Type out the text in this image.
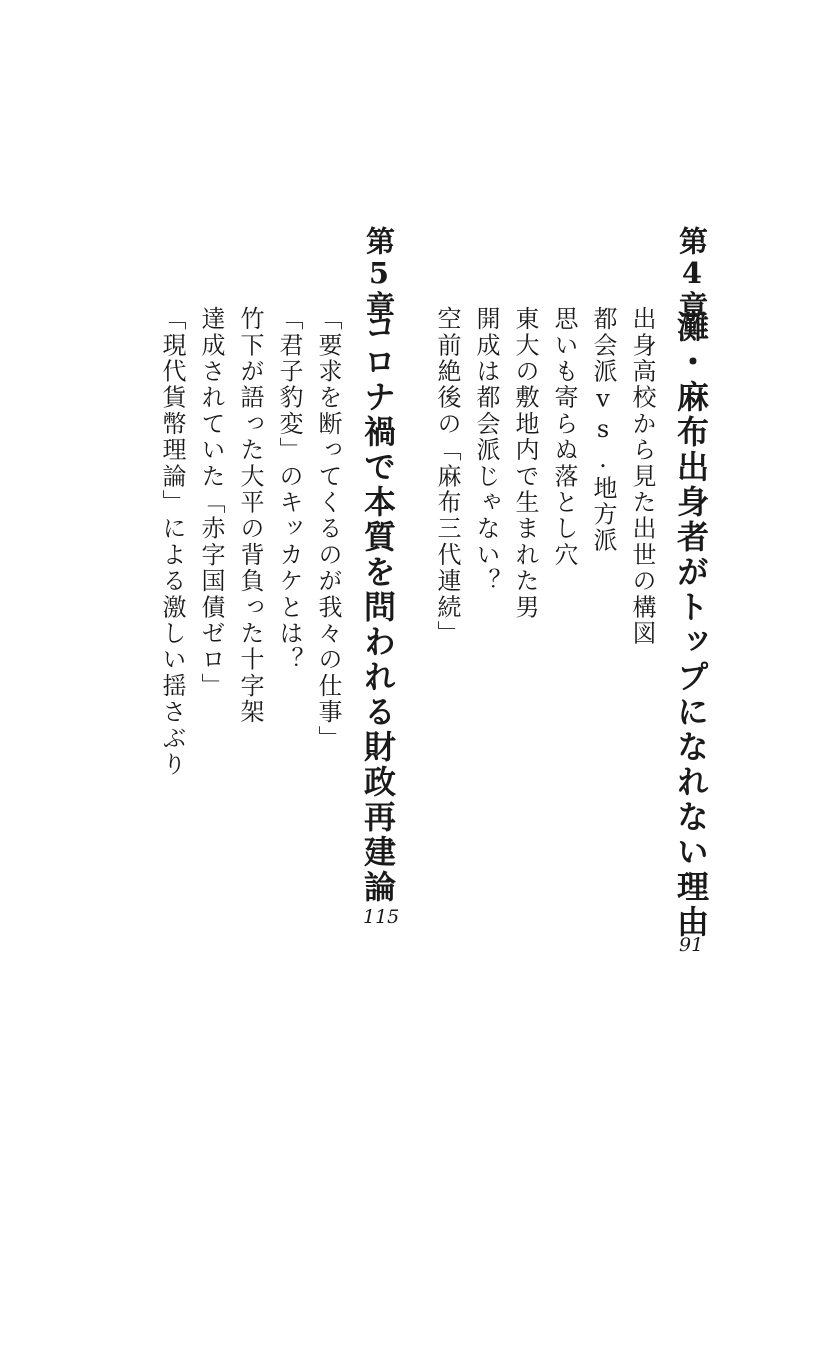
第4章
灘・麻布出身者がトップになれない理由
出身高校から見た出世の構図
都会派vs.地方派
思いも寄らぬ落とし穴
東大の敷地内で生まれた男
開成は都会派じゃない？
空前絶後の「麻布三代連続」
91
第5章
コロナ禍で本質を問われる財政再建論
「要求を断ってくるのが我々の仕事」
「君子豹変」のキッカケとは？
竹下が語った大平の背負った十字架
達成されていた「赤字国債ゼロ」
「現代貨幣理論」による激しい揺さぶり
115
